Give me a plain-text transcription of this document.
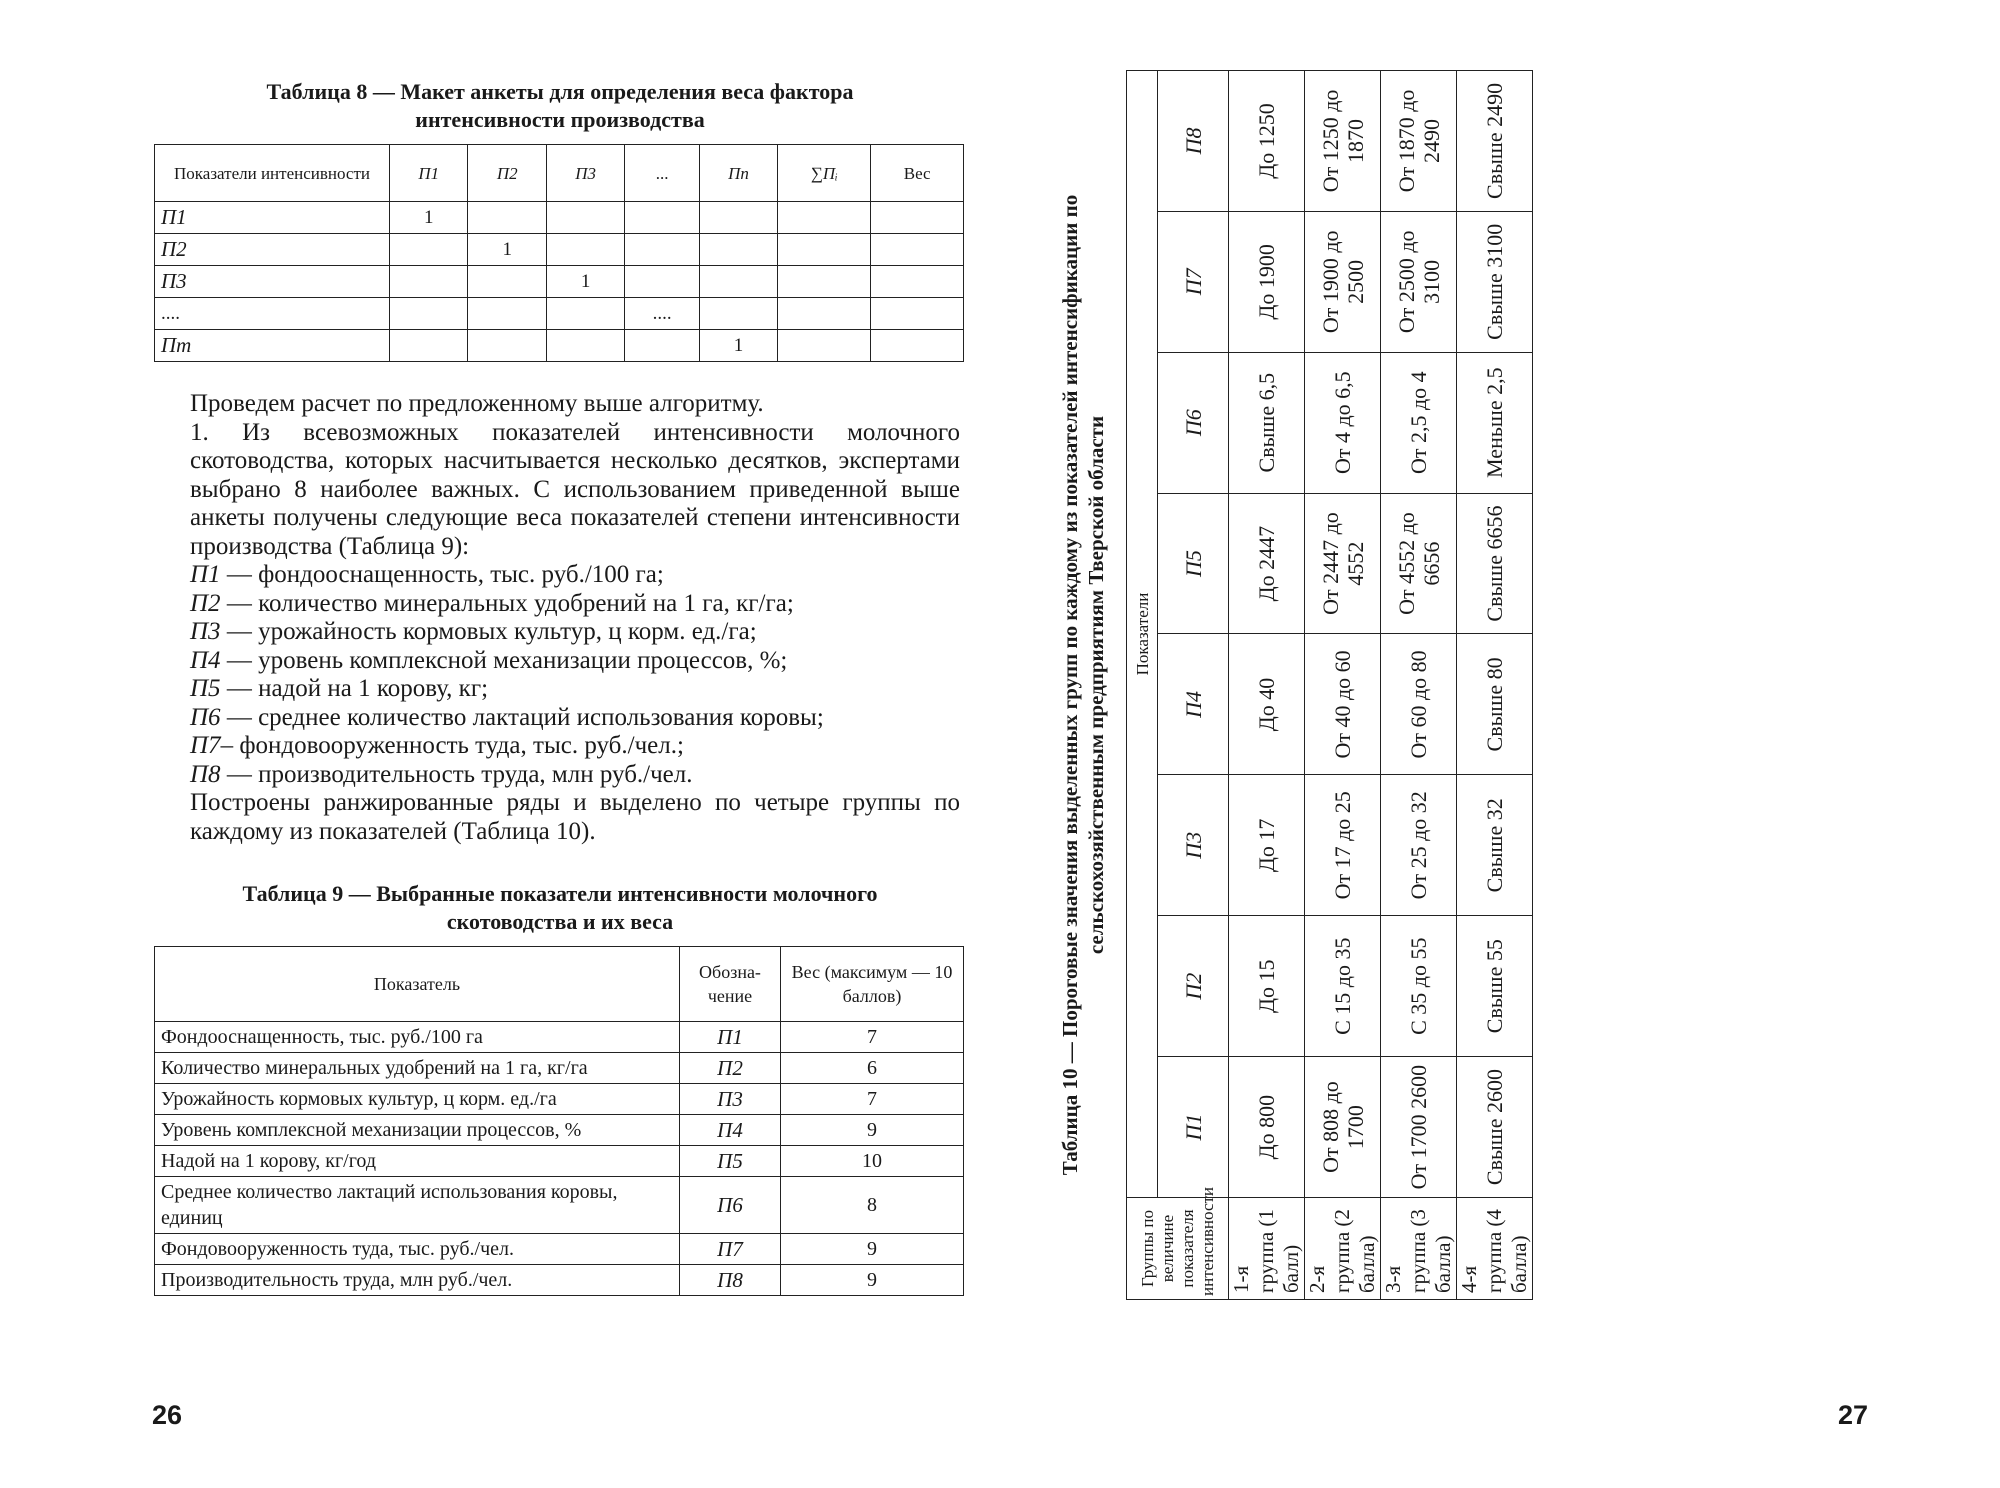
Таблица 8 — Макет анкеты для определения веса фактора
интенсивности производства
Показатели интенсивности	П1	П2	П3	...	Пn	∑Пᵢ	Вес
П1	1						
П2		1					
П3			1				
....				....			
Пm					1		
Проведем расчет по предложенному выше алгоритму.
1. Из всевозможных показателей интенсивности молочного скотоводства, которых насчитывается несколько десятков, экспертами выбрано 8 наиболее важных. С использованием приведенной выше анкеты получены следующие веса показателей степени интенсивности производства (Таблица 9):
П1 — фондооснащенность, тыс. руб./100 га;
П2 — количество минеральных удобрений на 1 га, кг/га;
П3 — урожайность кормовых культур, ц корм. ед./га;
П4 — уровень комплексной механизации процессов, %;
П5 — надой на 1 корову, кг;
П6 — среднее количество лактаций использования коровы;
П7– фондовооруженность туда, тыс. руб./чел.;
П8 — производительность труда, млн руб./чел.
Построены ранжированные ряды и выделено по четыре группы по каждому из показателей (Таблица 10).
Таблица 9 — Выбранные показатели интенсивности молочного
скотоводства и их веса
Показатель	Обозна-чение	Вес (максимум — 10 баллов)
Фондооснащенность, тыс. руб./100 га	П1	7
Количество минеральных удобрений на 1 га, кг/га	П2	6
Урожайность кормовых культур, ц корм. ед./га	П3	7
Уровень комплексной механизации процессов, %	П4	9
Надой на 1 корову, кг/год	П5	10
Среднее количество лактаций использования коровы, единиц	П6	8
Фондовооруженность туда, тыс. руб./чел.	П7	9
Производительность труда, млн руб./чел.	П8	9
26	27
Таблица 10 — Пороговые значения выделенных групп по каждому из показателей интенсификации по сельскохозяйственным предприятиям Тверской области
Группы по величине показателя интенсивности	Показатели							
	П1	П2	П3	П4	П5	П6	П7	П8
1-я группа (1 балл)	До 800	До 15	До 17	До 40	До 2447	Свыше 6,5	До 1900	До 1250
2-я группа (2 балла)	От 808 до 1700	С 15 до 35	От 17 до 25	От 40 до 60	От 2447 до 4552	От 4 до 6,5	От 1900 до 2500	От 1250 до 1870
3-я группа (3 балла)	От 1700 2600	С 35 до 55	От 25 до 32	От 60 до 80	От 4552 до 6656	От 2,5 до 4	От 2500 до 3100	От 1870 до 2490
4-я группа (4 балла)	Свыше 2600	Свыше 55	Свыше 32	Свыше 80	Свыше 6656	Меньше 2,5	Свыше 3100	Свыше 2490
